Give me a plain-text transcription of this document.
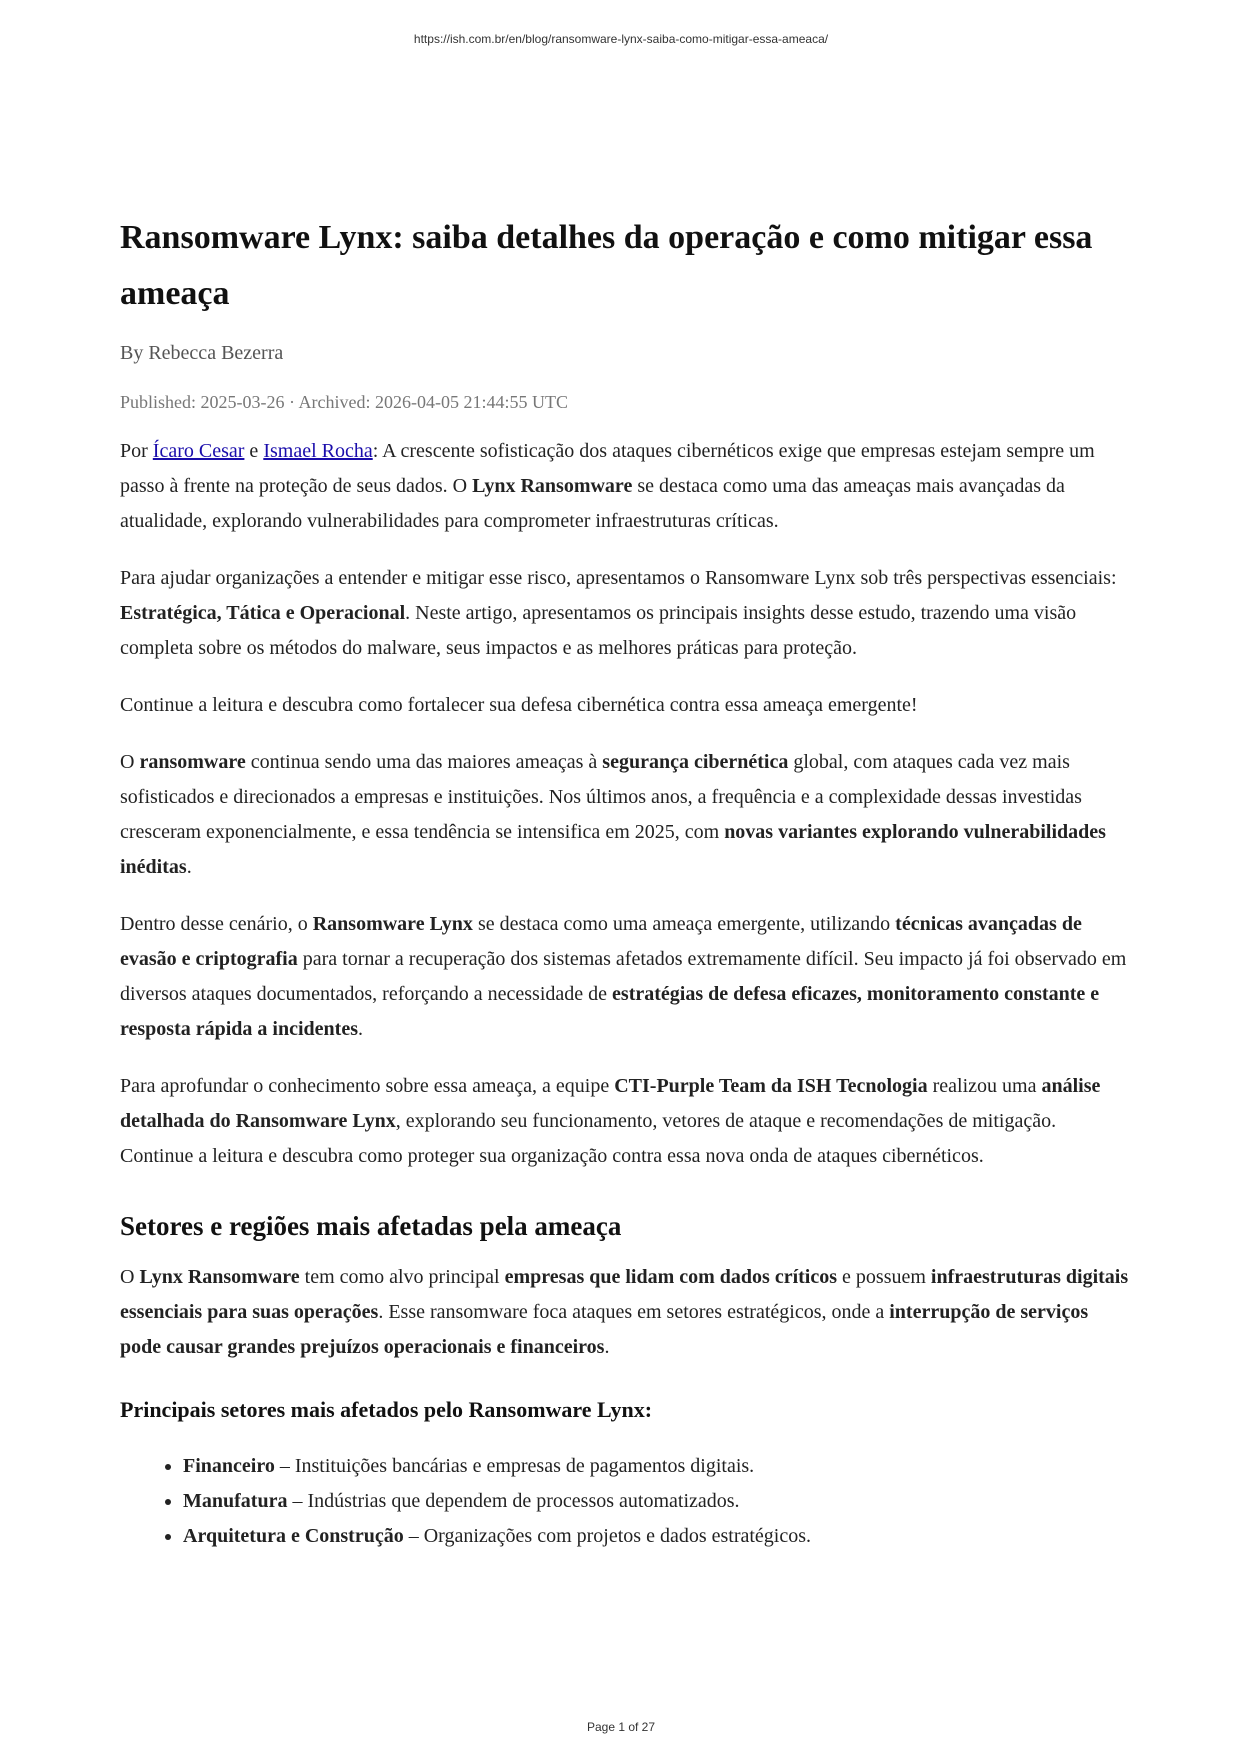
https://ish.com.br/en/blog/ransomware-lynx-saiba-como-mitigar-essa-ameaca/
Ransomware Lynx: saiba detalhes da operação e como mitigar essa ameaça
By Rebecca Bezerra
Published: 2025-03-26 · Archived: 2026-04-05 21:44:55 UTC

Por Ícaro Cesar e Ismael Rocha: A crescente sofisticação dos ataques cibernéticos exige que empresas estejam sempre um passo à frente na proteção de seus dados. O Lynx Ransomware se destaca como uma das ameaças mais avançadas da atualidade, explorando vulnerabilidades para comprometer infraestruturas críticas.

Para ajudar organizações a entender e mitigar esse risco, apresentamos o Ransomware Lynx sob três perspectivas essenciais: Estratégica, Tática e Operacional. Neste artigo, apresentamos os principais insights desse estudo, trazendo uma visão completa sobre os métodos do malware, seus impactos e as melhores práticas para proteção.

Continue a leitura e descubra como fortalecer sua defesa cibernética contra essa ameaça emergente!

O ransomware continua sendo uma das maiores ameaças à segurança cibernética global, com ataques cada vez mais sofisticados e direcionados a empresas e instituições. Nos últimos anos, a frequência e a complexidade dessas investidas cresceram exponencialmente, e essa tendência se intensifica em 2025, com novas variantes explorando vulnerabilidades inéditas.

Dentro desse cenário, o Ransomware Lynx se destaca como uma ameaça emergente, utilizando técnicas avançadas de evasão e criptografia para tornar a recuperação dos sistemas afetados extremamente difícil. Seu impacto já foi observado em diversos ataques documentados, reforçando a necessidade de estratégias de defesa eficazes, monitoramento constante e resposta rápida a incidentes.

Para aprofundar o conhecimento sobre essa ameaça, a equipe CTI-Purple Team da ISH Tecnologia realizou uma análise detalhada do Ransomware Lynx, explorando seu funcionamento, vetores de ataque e recomendações de mitigação. Continue a leitura e descubra como proteger sua organização contra essa nova onda de ataques cibernéticos.

Setores e regiões mais afetadas pela ameaça

O Lynx Ransomware tem como alvo principal empresas que lidam com dados críticos e possuem infraestruturas digitais essenciais para suas operações. Esse ransomware foca ataques em setores estratégicos, onde a interrupção de serviços pode causar grandes prejuízos operacionais e financeiros.

Principais setores mais afetados pelo Ransomware Lynx:
• Financeiro – Instituições bancárias e empresas de pagamentos digitais.
• Manufatura – Indústrias que dependem de processos automatizados.
• Arquitetura e Construção – Organizações com projetos e dados estratégicos.
Page 1 of 27
